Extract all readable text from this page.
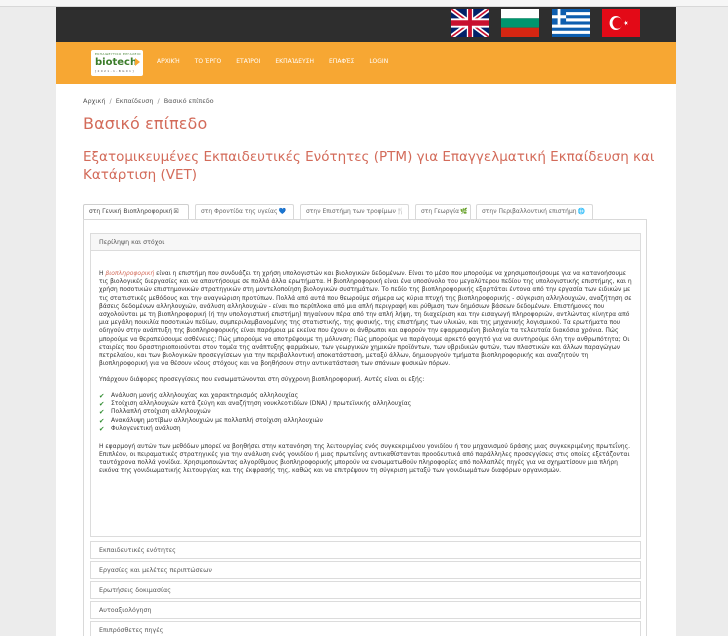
ΕΚΠΑΙΔΕΥΤΙΚΟ ΕΡΓΑΛΕΙΟ
biotech
[ 2 0 2 1 - 1 - B G 0 1 ]
ΑΡΧΙΚΉ	ΤΟ ΈΡΓΟ	ΕΤΑΊΡΟΙ	ΕΚΠΑΊΔΕΥΣΗ	ΕΠΑΦΈΣ	LOGIN
Αρχική / Εκπαίδευση / Βασικό επίπεδο
Βασικό επίπεδο
Εξατομικευμένες Εκπαιδευτικές Ενότητες (PTM) για Επαγγελματική Εκπαίδευση και Κατάρτιση (VET)
στη Γενική Βιοπληροφορική☒	στη Φροντίδα της υγείας💙	στην Επιστήμη των τροφίμων🍴	στη Γεωργία🌿	στην Περιβαλλοντική επιστήμη🌐
Περίληψη και στόχοι

Η βιοπληροφορική είναι η επιστήμη που συνδυάζει τη χρήση υπολογιστών και βιολογικών δεδομένων. Είναι το μέσο που μπορούμε να χρησιμοποιήσουμε για να κατανοήσουμε τις βιολογικές διεργασίες και να απαντήσουμε σε πολλά άλλα ερωτήματα. Η βιοπληροφορική είναι ένα υποσύνολο του μεγαλύτερου πεδίου της υπολογιστικής επιστήμης, και η χρήση ποσοτικών επιστημονικών στρατηγικών στη μοντελοποίηση βιολογικών συστημάτων. Το πεδίο της βιοπληροφορικής εξαρτάται έντονα από την εργασία των ειδικών με τις στατιστικές μεθόδους και την αναγνώριση προτύπων. Πολλά από αυτά που θεωρούμε σήμερα ως κύρια πτυχή της βιοπληροφορικής - σύγκριση αλληλουχιών, αναζήτηση σε βάσεις δεδομένων αλληλουχιών, ανάλυση αλληλουχιών - είναι πιο περίπλοκα από μια απλή περιγραφή και ρύθμιση των δημόσιων βάσεων δεδομένων. Επιστήμονες που ασχολούνται με τη βιοπληροφορική (ή την υπολογιστική επιστήμη) πηγαίνουν πέρα από την απλή λήψη, τη διαχείριση και την εισαγωγή πληροφοριών, αντλώντας κίνητρα από μια μεγάλη ποικιλία ποσοτικών πεδίων, συμπεριλαμβανομένης της στατιστικής, της φυσικής, της επιστήμης των υλικών, και της μηχανικής λογισμικού. Τα ερωτήματα που οδηγούν στην ανάπτυξη της βιοπληροφορικής είναι παρόμοια με εκείνα που έχουν οι άνθρωποι και αφορούν την εφαρμοσμένη βιολογία τα τελευταία διακόσια χρόνια. Πώς μπορούμε να θεραπεύσουμε ασθένειες; Πώς μπορούμε να αποτρέψουμε τη μόλυνση; Πώς μπορούμε να παράγουμε αρκετό φαγητό για να συντηρούμε όλη την ανθρωπότητα; Οι εταιρίες που δραστηριοποιούνται στον τομέα της ανάπτυξης φαρμάκων, των γεωργικών χημικών προϊόντων, των υβριδικών φυτών, των πλαστικών και άλλων παραγώγων πετρελαίου, και των βιολογικών προσεγγίσεων για την περιβαλλοντική αποκατάσταση, μεταξύ άλλων, δημιουργούν τμήματα βιοπληροφορικής και αναζητούν τη βιοπληροφορική για να θέσουν νέους στόχους και να βοηθήσουν στην αντικατάσταση των σπάνιων φυσικών πόρων.

Υπάρχουν διάφορες προσεγγίσεις που ενσωματώνονται στη σύγχρονη βιοπληροφορική. Αυτές είναι οι εξής:

✔ Ανάλυση μονής αλληλουχίας και χαρακτηρισμός αλληλουχίας
✔ Στοίχιση αλληλουχιών κατά ζεύγη και αναζήτηση νουκλεοτιδίων (DNA) / πρωτεϊνικής αλληλουχίας
✔ Πολλαπλή στοίχιση αλληλουχιών
✔ Ανακάλυψη μοτίβων αλληλουχιών με πολλαπλή στοίχιση αλληλουχιών
✔ Φυλογενετική ανάλυση

Η εφαρμογή αυτών των μεθόδων μπορεί να βοηθήσει στην κατανόηση της λειτουργίας ενός συγκεκριμένου γονιδίου ή του μηχανισμού δράσης μιας συγκεκριμένης πρωτεΐνης. Επιπλέον, οι πειραματικές στρατηγικές για την ανάλυση ενός γονιδίου ή μιας πρωτεΐνης αντικαθίστανται προοδευτικά από παράλληλες προσεγγίσεις στις οποίες εξετάζονται ταυτόχρονα πολλά γονίδια. Χρησιμοποιώντας αλγορίθμους βιοπληροφορικής μπορούν να ενσωματωθούν πληροφορίες από πολλαπλές πηγές για να σχηματίσουν μια πλήρη εικόνα της γονιδιωματικής λειτουργίας και της έκφρασής της, καθώς και να επιτρέψουν τη σύγκριση μεταξύ των γονιδιωμάτων διαφόρων οργανισμών.

Εκπαιδευτικές ενότητες
Εργασίες και μελέτες περιπτώσεων
Ερωτήσεις δοκιμασίας
Αυτοαξιολόγηση
Επιπρόσθετες πηγές
